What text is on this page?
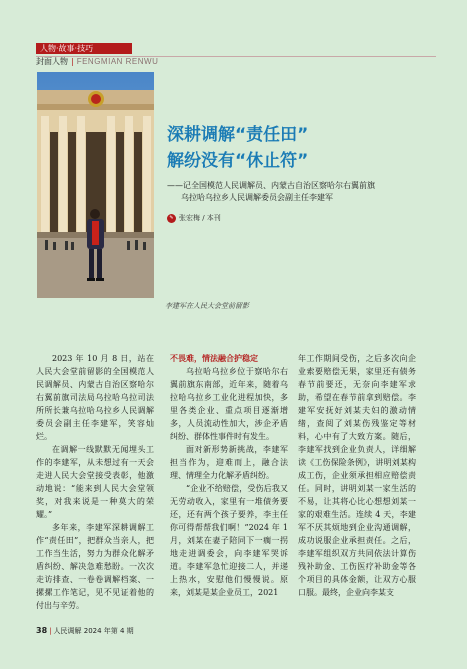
人物·故事·技巧
封面人物 | FENGMIAN RENWU
李建军在人民大会堂前留影
深耕调解“责任田”
解纷没有“休止符”
——记全国模范人民调解员、内蒙古自治区察哈尔右翼前旗
乌拉哈乌拉乡人民调解委员会副主任李建军
✎ 张宏梅 / 本刊

2023 年 10 月 8 日，站在人民大会堂前留影的全国模范人民调解员、内蒙古自治区察哈尔右翼前旗司法局乌拉哈乌拉司法所所长兼乌拉哈乌拉乡人民调解委员会副主任李建军，笑容灿烂。

在调解一线默默无闻埋头工作的李建军，从未想过有一天会走进人民大会堂接受表彰，他激动地说：“能来到人民大会堂领奖，对我来说是一种莫大的荣耀。”

多年来，李建军深耕调解工作“责任田”，把群众当亲人，把工作当生活，努力为群众化解矛盾纠纷、解决急难愁盼。一次次走访排查、一卷卷调解档案、一摞摞工作笔记，见不见证着他的付出与辛劳。

不畏难，情法融合护稳定

乌拉哈乌拉乡位于察哈尔右翼前旗东南部，近年来，随着乌拉哈乌拉乡工业化进程加快，多里各类企业、重点项目逐渐增多，人员流动性加大，涉企矛盾纠纷、群体性事件时有发生。

面对新形势新挑战，李建军担当作为，迎难而上，融合法理、情理全力化解矛盾纠纷。

“企业不给赔偿，受伤后我又无劳动收入，家里有一堆债务要还，还有两个孩子要养，李主任你可得帮帮我们啊！”2024 年 1 月，刘某在妻子陪同下一瘸一拐地走进调委会，向李建军哭诉道。李建军急忙迎接二人，并递上热水，安慰他们慢慢说。原来，刘某是某企业员工，2021

年工作期间受伤，之后多次向企业索要赔偿无果，家里还有债务春节前要还，无奈向李建军求助，希望在春节前拿到赔偿。李建军安抚好刘某夫妇的激动情绪，查阅了刘某伤残鉴定等材料，心中有了大致方案。随后，李建军找到企业负责人，详细解读《工伤保险条例》，讲明刘某构成工伤，企业须承担相应赔偿责任。同时，讲明刘某一家生活的不易，让其将心比心想想刘某一家的艰难生活。连续 4 天，李建军不厌其烦地到企业沟通调解，成功说服企业承担责任。之后，李建军组织双方共同依法计算伤残补助金、工伤医疗补助金等各个项目的具体金额，让双方心服口服。最终，企业向李某支

38 | 人民调解 2024 年第 4 期
